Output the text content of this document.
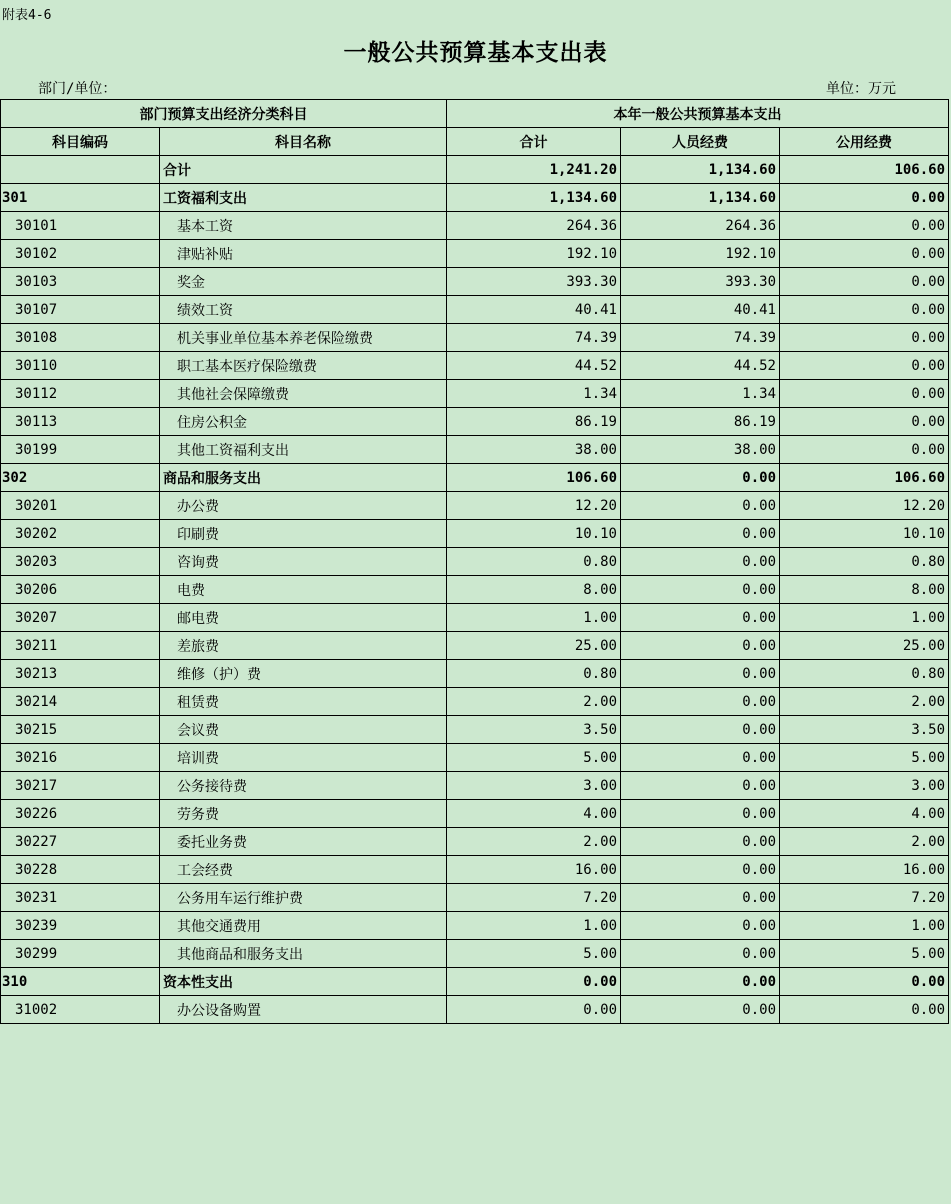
附表4-6
一般公共预算基本支出表
部门/单位：	单位：万元
部门预算支出经济分类科目		本年一般公共预算基本支出		
科目编码	科目名称	合计	人员经费	公用经费
	合计	1,241.20	1,134.60	106.60
301	工资福利支出	1,134.60	1,134.60	0.00
30101	基本工资	264.36	264.36	0.00
30102	津贴补贴	192.10	192.10	0.00
30103	奖金	393.30	393.30	0.00
30107	绩效工资	40.41	40.41	0.00
30108	机关事业单位基本养老保险缴费	74.39	74.39	0.00
30110	职工基本医疗保险缴费	44.52	44.52	0.00
30112	其他社会保障缴费	1.34	1.34	0.00
30113	住房公积金	86.19	86.19	0.00
30199	其他工资福利支出	38.00	38.00	0.00
302	商品和服务支出	106.60	0.00	106.60
30201	办公费	12.20	0.00	12.20
30202	印刷费	10.10	0.00	10.10
30203	咨询费	0.80	0.00	0.80
30206	电费	8.00	0.00	8.00
30207	邮电费	1.00	0.00	1.00
30211	差旅费	25.00	0.00	25.00
30213	维修（护）费	0.80	0.00	0.80
30214	租赁费	2.00	0.00	2.00
30215	会议费	3.50	0.00	3.50
30216	培训费	5.00	0.00	5.00
30217	公务接待费	3.00	0.00	3.00
30226	劳务费	4.00	0.00	4.00
30227	委托业务费	2.00	0.00	2.00
30228	工会经费	16.00	0.00	16.00
30231	公务用车运行维护费	7.20	0.00	7.20
30239	其他交通费用	1.00	0.00	1.00
30299	其他商品和服务支出	5.00	0.00	5.00
310	资本性支出	0.00	0.00	0.00
31002	办公设备购置	0.00	0.00	0.00
